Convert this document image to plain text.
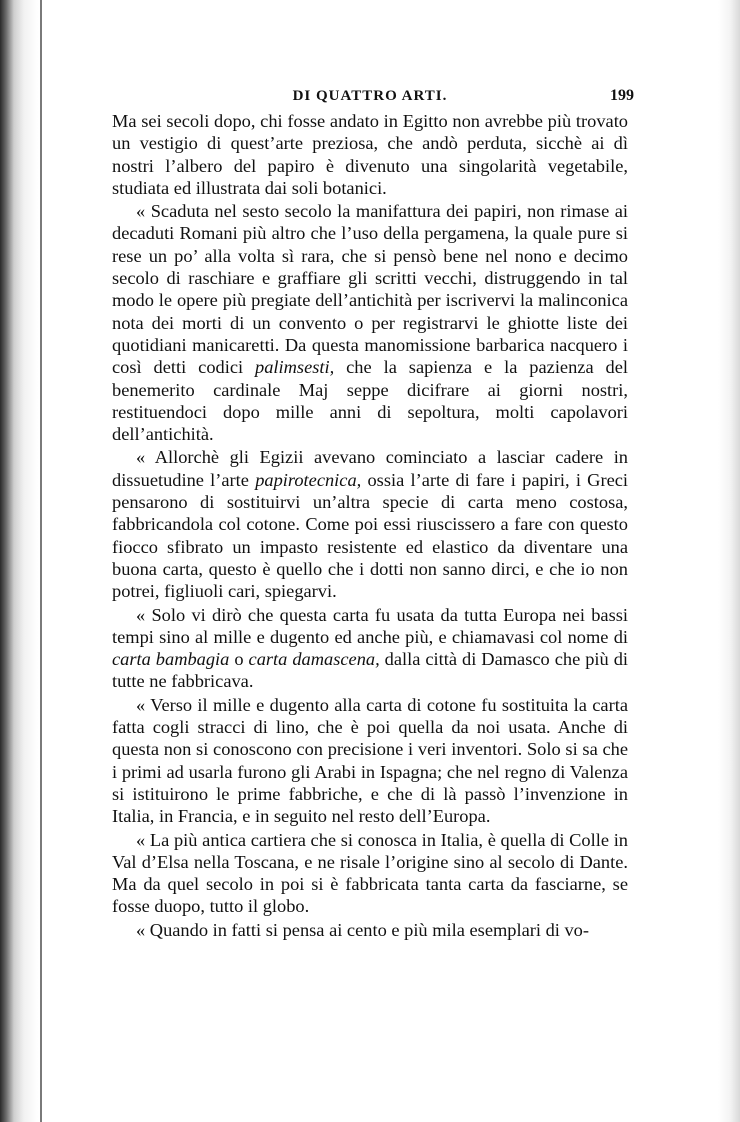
DI QUATTRO ARTI.	199

Ma sei secoli dopo, chi fosse andato in Egitto non avrebbe più trovato un vestigio di quest’arte preziosa, che andò perduta, sicchè ai dì nostri l’albero del papiro è divenuto una singolarità vegetabile, studiata ed illustrata dai soli botanici.

« Scaduta nel sesto secolo la manifattura dei papiri, non rimase ai decaduti Romani più altro che l’uso della pergamena, la quale pure si rese un po’ alla volta sì rara, che si pensò bene nel nono e decimo secolo di raschiare e graffiare gli scritti vecchi, distruggendo in tal modo le opere più pregiate dell’antichità per iscrivervi la malinconica nota dei morti di un convento o per registrarvi le ghiotte liste dei quotidiani manicaretti. Da questa manomissione barbarica nacquero i così detti codici palimsesti, che la sapienza e la pazienza del benemerito cardinale Maj seppe dicifrare ai giorni nostri, restituendoci dopo mille anni di sepoltura, molti capolavori dell’antichità.

« Allorchè gli Egizii avevano cominciato a lasciar cadere in dissuetudine l’arte papirotecnica, ossia l’arte di fare i papiri, i Greci pensarono di sostituirvi un’altra specie di carta meno costosa, fabbricandola col cotone. Come poi essi riuscissero a fare con questo fiocco sfibrato un impasto resistente ed elastico da diventare una buona carta, questo è quello che i dotti non sanno dirci, e che io non potrei, figliuoli cari, spiegarvi.

« Solo vi dirò che questa carta fu usata da tutta Europa nei bassi tempi sino al mille e dugento ed anche più, e chiamavasi col nome di carta bambagia o carta damascena, dalla città di Damasco che più di tutte ne fabbricava.

« Verso il mille e dugento alla carta di cotone fu sostituita la carta fatta cogli stracci di lino, che è poi quella da noi usata. Anche di questa non si conoscono con precisione i veri inventori. Solo si sa che i primi ad usarla furono gli Arabi in Ispagna; che nel regno di Valenza si istituirono le prime fabbriche, e che di là passò l’invenzione in Italia, in Francia, e in seguito nel resto dell’Europa.

« La più antica cartiera che si conosca in Italia, è quella di Colle in Val d’Elsa nella Toscana, e ne risale l’origine sino al secolo di Dante. Ma da quel secolo in poi si è fabbricata tanta carta da fasciarne, se fosse duopo, tutto il globo.

« Quando in fatti si pensa ai cento e più mila esemplari di vo-
